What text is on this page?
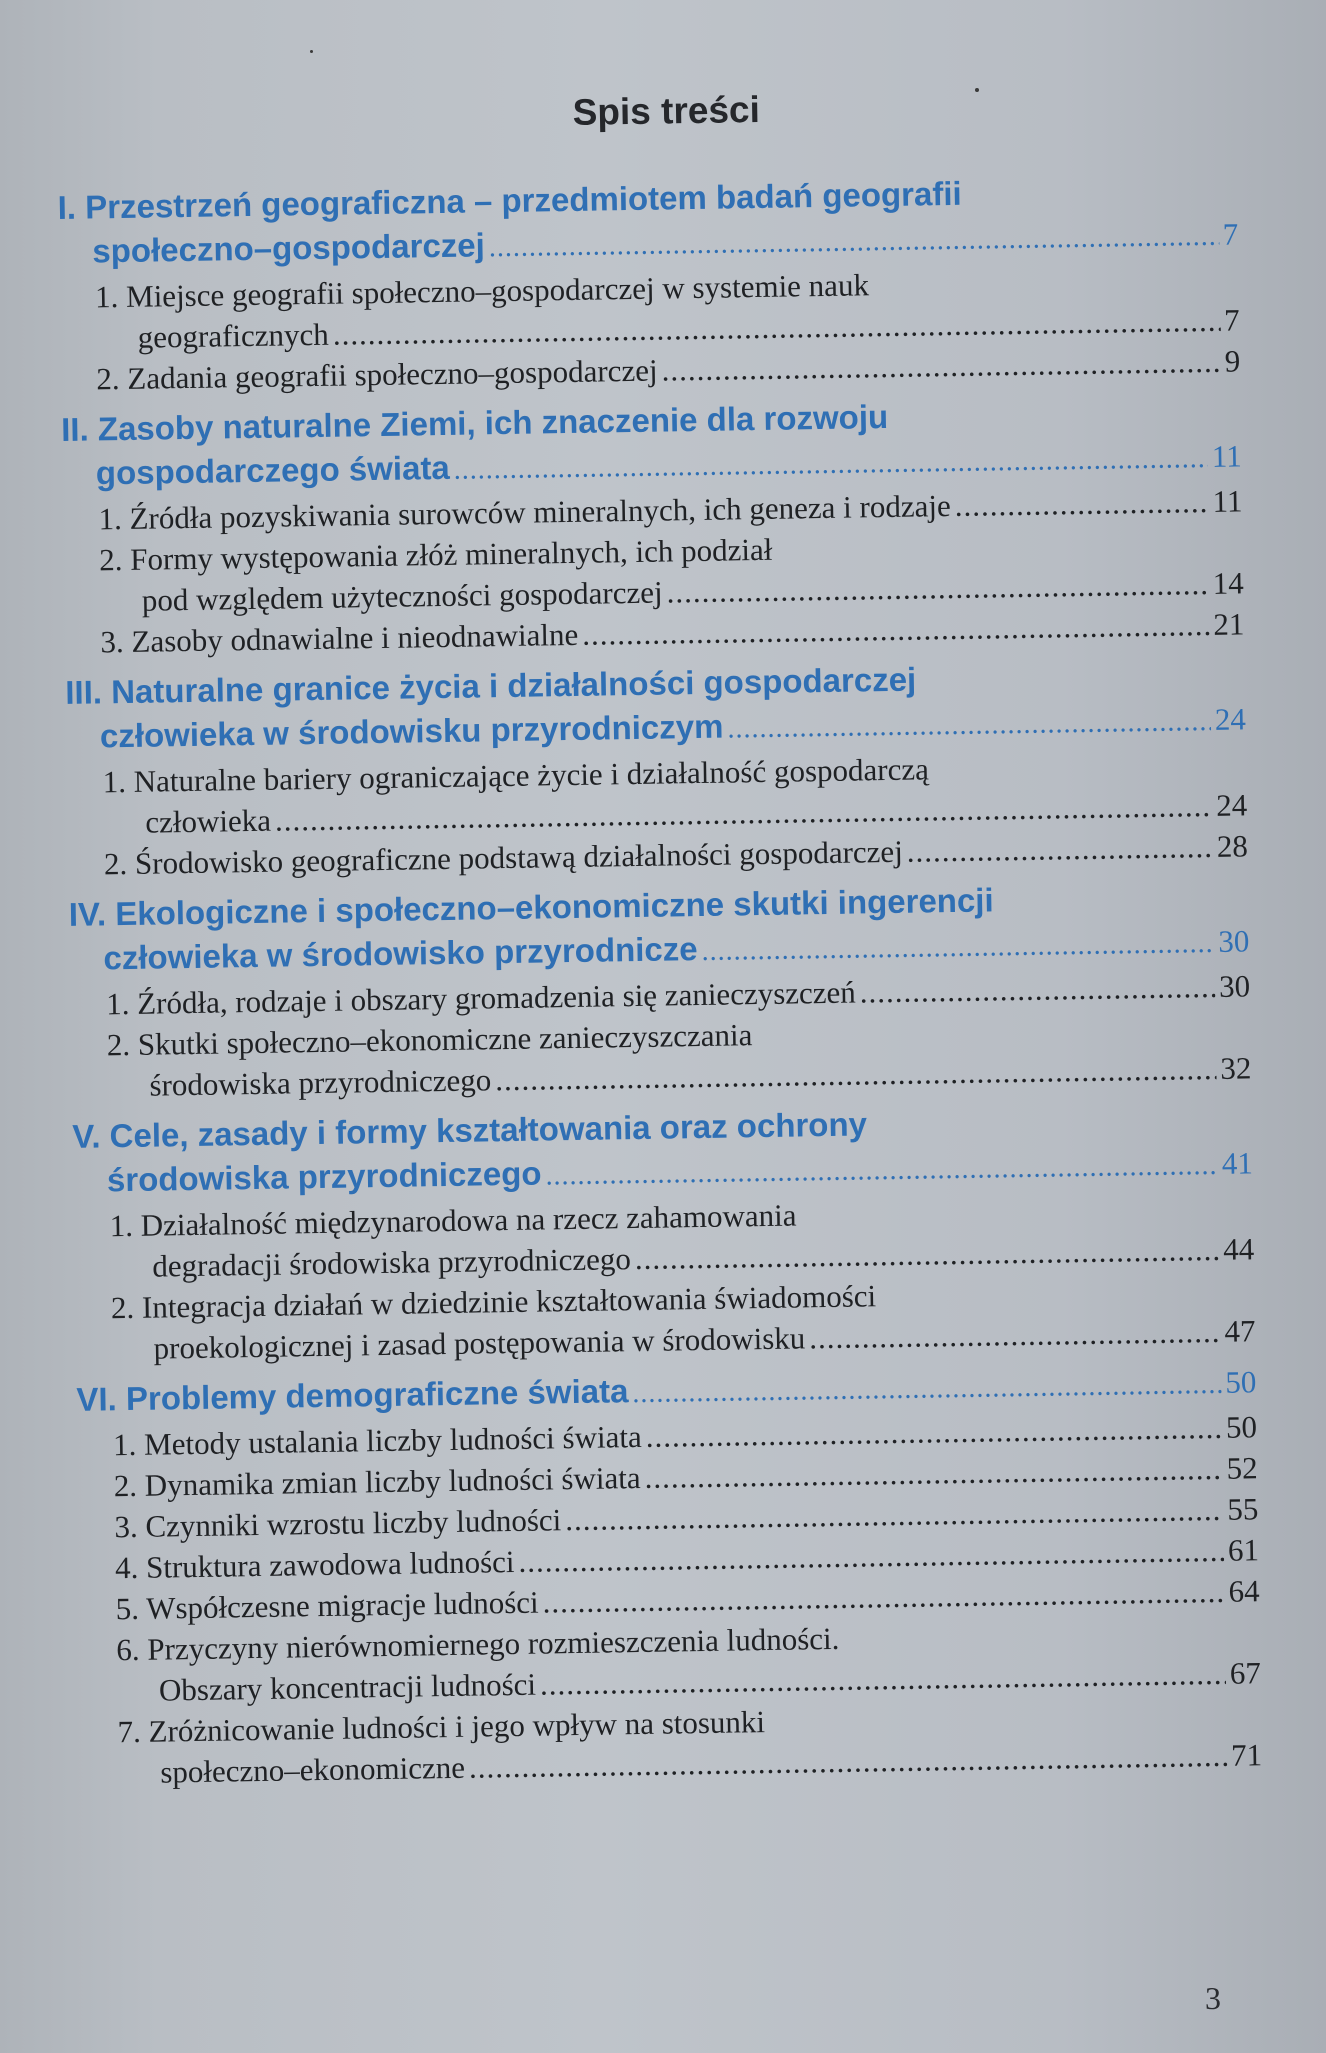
Spis treści
I. Przestrzeń geograficzna – przedmiotem badań geografii
społeczno–gospodarczej .....	7
1. Miejsce geografii społeczno–gospodarczej w systemie nauk
geograficznych .....	7
2. Zadania geografii społeczno–gospodarczej .....	9
II. Zasoby naturalne Ziemi, ich znaczenie dla rozwoju
gospodarczego świata .....	11
1. Źródła pozyskiwania surowców mineralnych, ich geneza i rodzaje .....	11
2. Formy występowania złóż mineralnych, ich podział
pod względem użyteczności gospodarczej .....	14
3. Zasoby odnawialne i nieodnawialne .....	21
III. Naturalne granice życia i działalności gospodarczej
człowieka w środowisku przyrodniczym .....	24
1. Naturalne bariery ograniczające życie i działalność gospodarczą
człowieka .....	24
2. Środowisko geograficzne podstawą działalności gospodarczej .....	28
IV. Ekologiczne i społeczno–ekonomiczne skutki ingerencji
człowieka w środowisko przyrodnicze .....	30
1. Źródła, rodzaje i obszary gromadzenia się zanieczyszczeń .....	30
2. Skutki społeczno–ekonomiczne zanieczyszczania
środowiska przyrodniczego .....	32
V. Cele, zasady i formy kształtowania oraz ochrony
środowiska przyrodniczego .....	41
1. Działalność międzynarodowa na rzecz zahamowania
degradacji środowiska przyrodniczego .....	44
2. Integracja działań w dziedzinie kształtowania świadomości
proekologicznej i zasad postępowania w środowisku .....	47
VI. Problemy demograficzne świata .....	50
1. Metody ustalania liczby ludności świata .....	50
2. Dynamika zmian liczby ludności świata .....	52
3. Czynniki wzrostu liczby ludności .....	55
4. Struktura zawodowa ludności .....	61
5. Współczesne migracje ludności .....	64
6. Przyczyny nierównomiernego rozmieszczenia ludności.
Obszary koncentracji ludności .....	67
7. Zróżnicowanie ludności i jego wpływ na stosunki
społeczno–ekonomiczne .....	71
3
